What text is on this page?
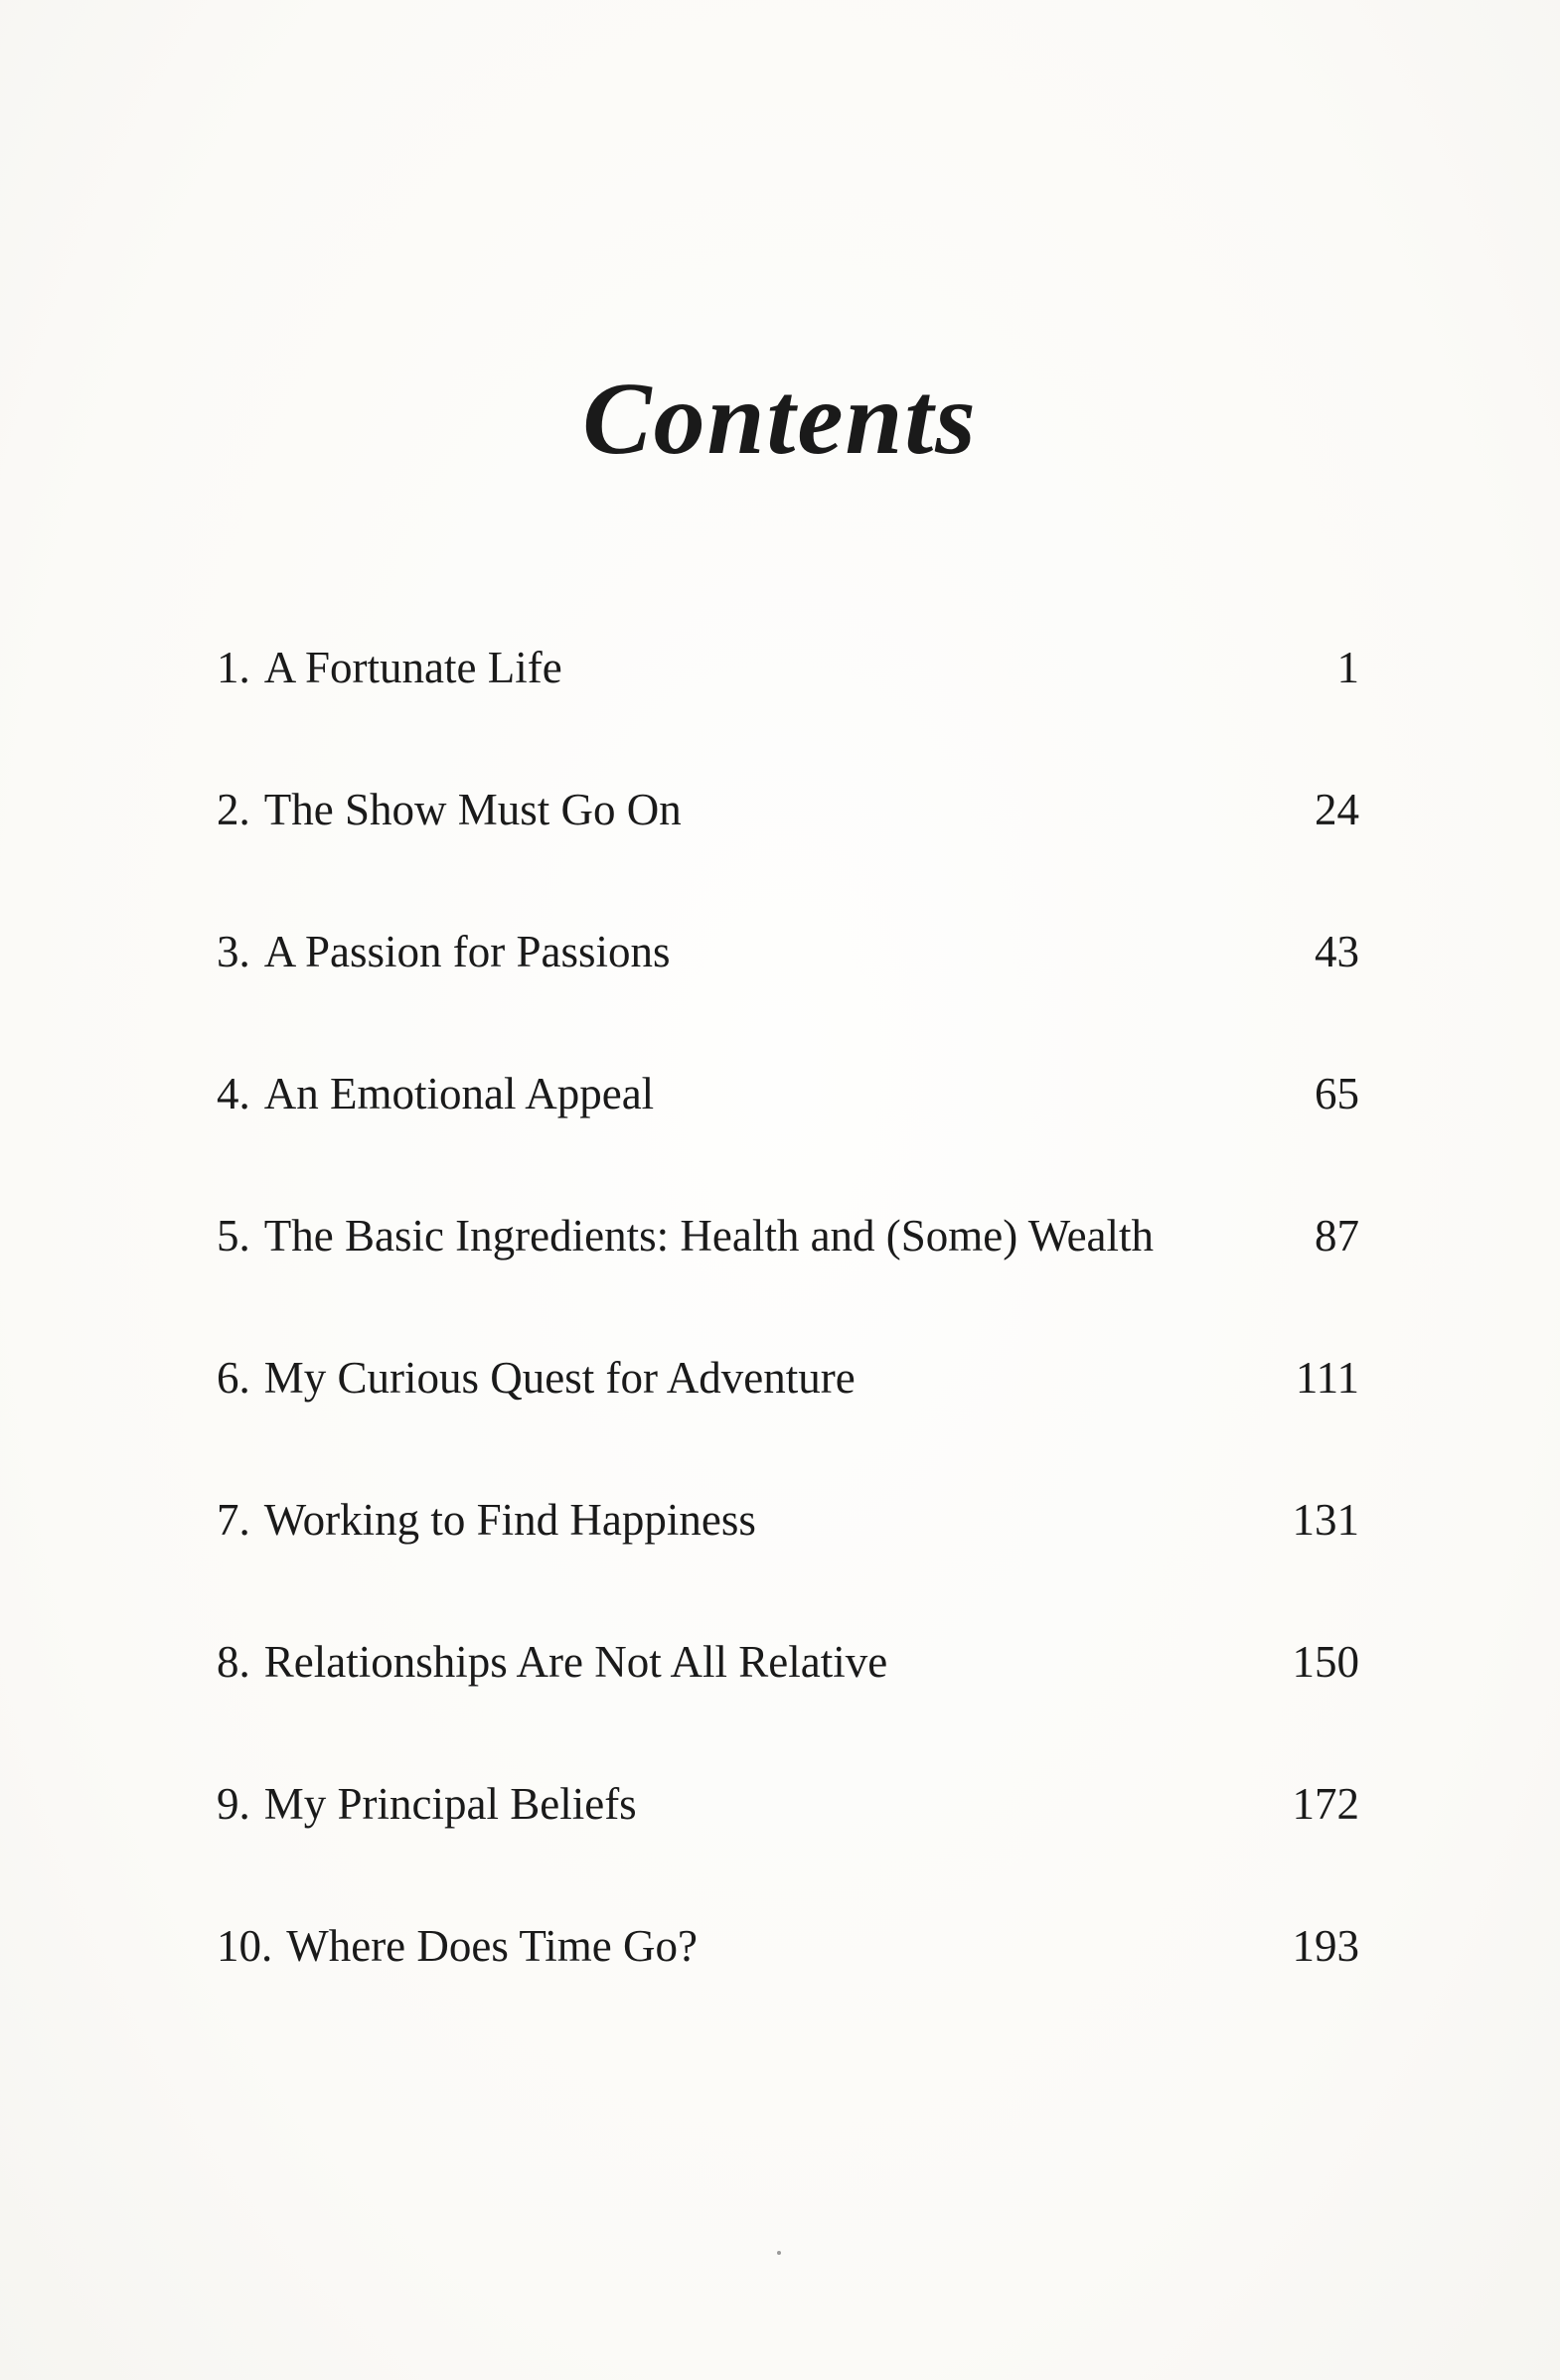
Contents
1. A Fortunate Life	1
2. The Show Must Go On	24
3. A Passion for Passions	43
4. An Emotional Appeal	65
5. The Basic Ingredients: Health and (Some) Wealth	87
6. My Curious Quest for Adventure	111
7. Working to Find Happiness	131
8. Relationships Are Not All Relative	150
9. My Principal Beliefs	172
10. Where Does Time Go?	193
